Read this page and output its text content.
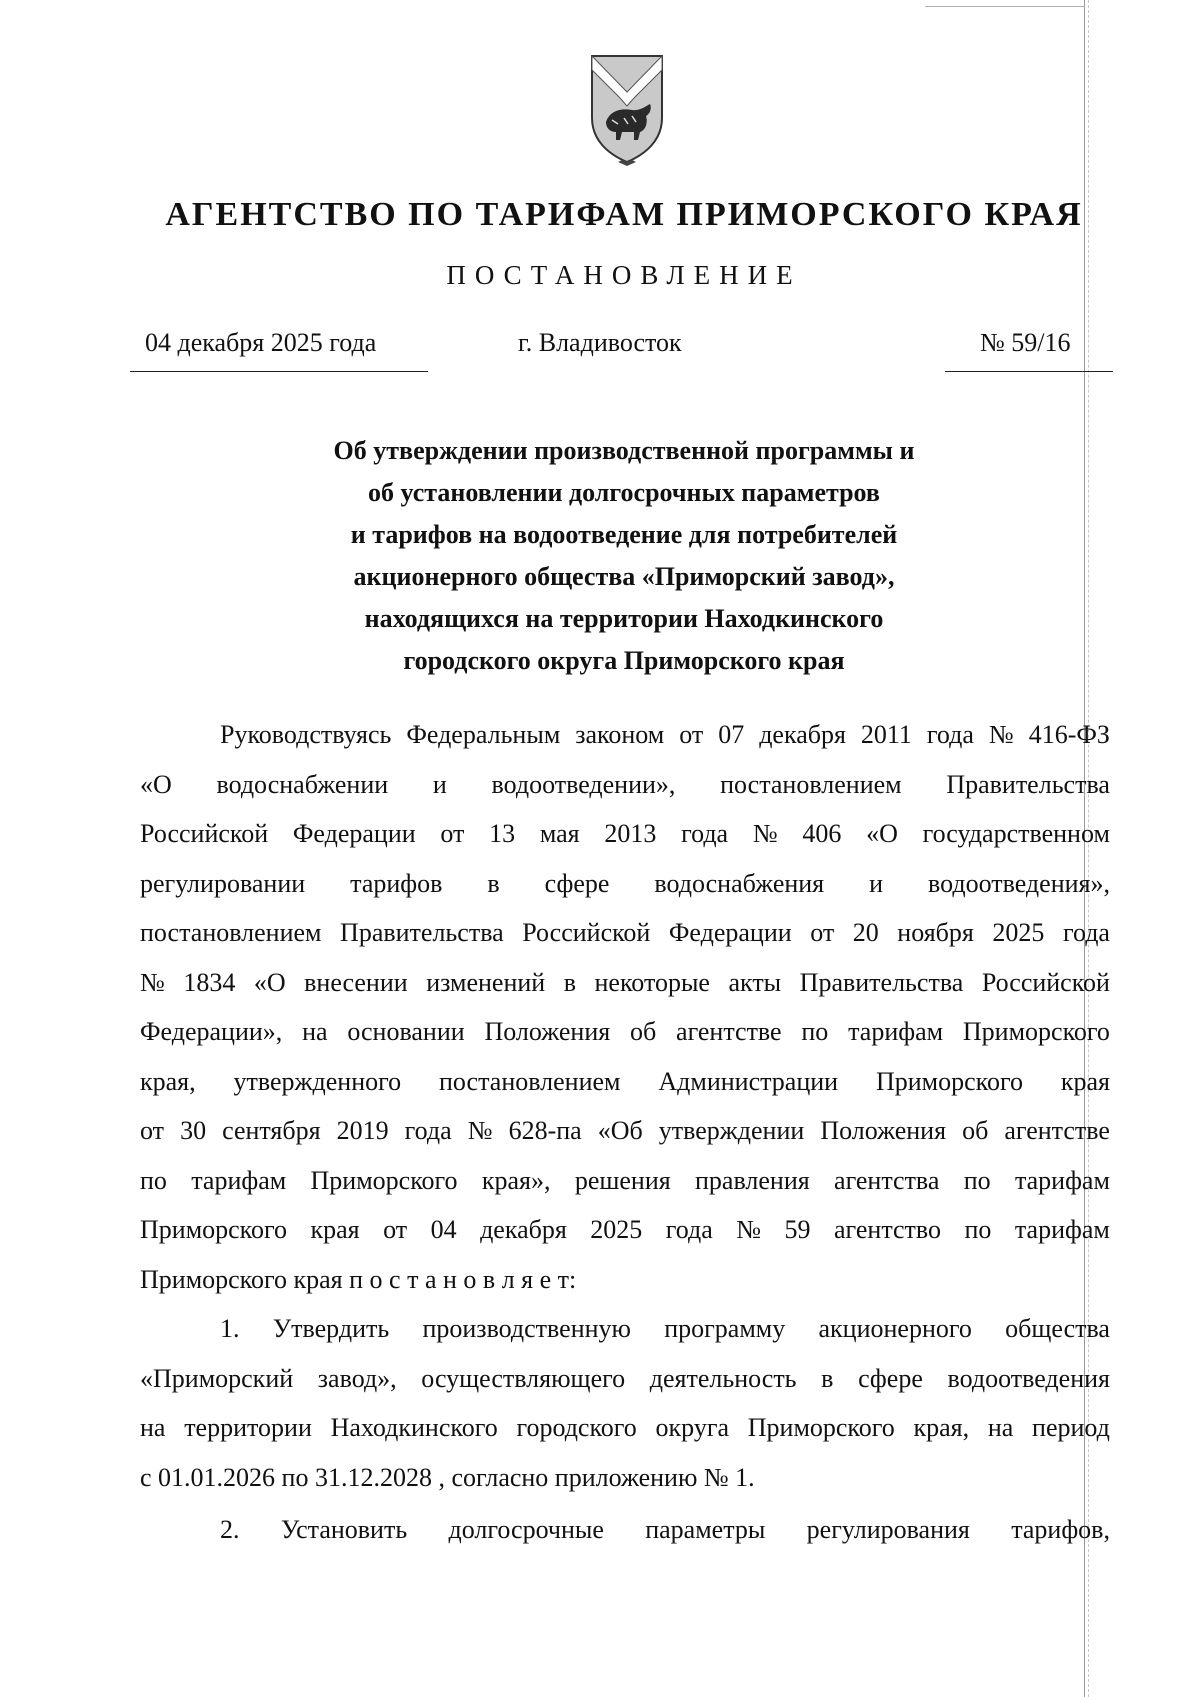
АГЕНТСТВО ПО ТАРИФАМ ПРИМОРСКОГО КРАЯ
ПОСТАНОВЛЕНИЕ
04 декабря 2025 года	г. Владивосток	№ 59/16
Об утверждении производственной программы и
об установлении долгосрочных параметров
и тарифов на водоотведение для потребителей
акционерного общества «Приморский завод»,
находящихся на территории Находкинского
городского округа Приморского края
Руководствуясь Федеральным законом от 07 декабря 2011 года № 416-ФЗ
«О водоснабжении и водоотведении», постановлением Правительства
Российской Федерации от 13 мая 2013 года № 406 «О государственном
регулировании тарифов в сфере водоснабжения и водоотведения»,
постановлением Правительства Российской Федерации от 20 ноября 2025 года
№ 1834 «О внесении изменений в некоторые акты Правительства Российской
Федерации», на основании Положения об агентстве по тарифам Приморского
края, утвержденного постановлением Администрации Приморского края
от 30 сентября 2019 года № 628-па «Об утверждении Положения об агентстве
по тарифам Приморского края», решения правления агентства по тарифам
Приморского края от 04 декабря 2025 года № 59 агентство по тарифам
Приморского края п о с т а н о в л я е т:
1. Утвердить производственную программу акционерного общества
«Приморский завод», осуществляющего деятельность в сфере водоотведения
на территории Находкинского городского округа Приморского края, на период
с 01.01.2026 по 31.12.2028 , согласно приложению № 1.
2. Установить долгосрочные параметры регулирования тарифов,
